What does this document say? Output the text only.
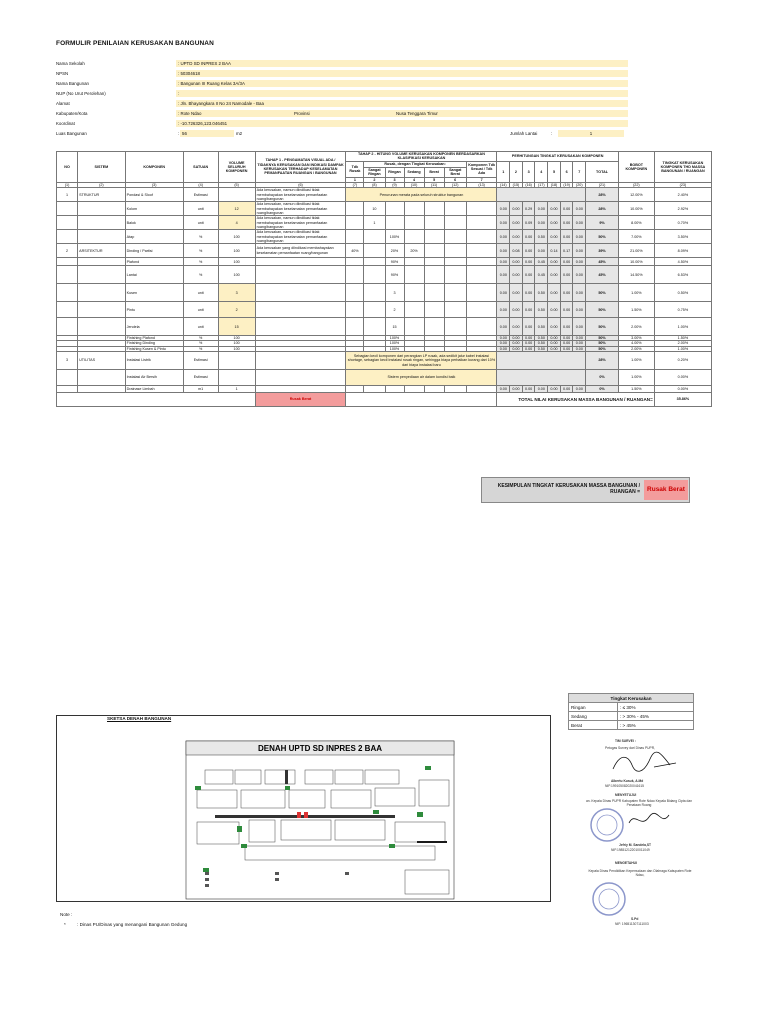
FORMULIR PENILAIAN KERUSAKAN BANGUNAN
Nama Sekolah	: UPTD SD INPRES 2 BAA
NPSN	: 50304618
Nama Bangunan	: Bangunan III Ruang Kelas 3A/3A
NUP (No Urut Perolehan)	:
Alamat	: Jln. Bhayangkara II No 24 Namodale - Baa
Kabupaten/Kota	: Rote Ndao	Provinsi	Nusa Tenggara Timur
Koordinat	: -10.726326,123.046451
Luas Bangunan	: 56	m2	Jumlah Lantai	:	1
NO	SISTEM	KOMPONEN	SATUAN	VOLUME SELURUH KOMPONEN	TAHAP 1 - PENGAMATAN VISUAL ADA / TIDAKNYA KERUSAKAN DAN INDIKASI DAMPAK KERUSAKAN TERHADAP KESELAMATAN PEMANFAATAN RUANGAN / BANGUNAN	TAHAP 2 - HITUNG VOLUME KERUSAKAN KOMPONEN BERDASARKAN KLASIFIKASI KERUSAKAN							PERHITUNGAN TINGKAT KERUSAKAN KOMPONEN								BOBOT KOMPONEN	TINGKAT KERUSAKAN KOMPONEN THD MASSA BANGUNAN / RUANGAN
						Tdk Rusak	Rusak, dengan Tingkat Kerusakan:					Komponen Tdk Sesuai / Tdk Ada	1	2	3	4	5	6	7	TOTAL		
							Sangat Ringan	Ringan	Sedang	Berat	Sangat Berat											
						1	2	3	4	5	6	7										
(1)	(2)	(3)	(4)	(5)	(6)	(7)	(8)	(9)	(10)	(11)	(12)	(13)	(14)	(15)	(16)	(17)	(18)	(19)	(20)	(21)	(22)	(23)
1	STRUKTUR	Pondasi & Sloof	Estimasi		Ada kerusakan, namun diindikasi tidak membahayakan keselamatan pemanfaatan ruang/bangunan	Penurunan merata pada seluruh struktur bangunan														28%	12.00%	2.40%
		Kolom	unit	12	Ada kerusakan, namun diindikasi tidak membahayakan keselamatan pemanfaatan ruang/bangunan		10						0.00	0.00	0.29	0.00	0.00	0.00	0.00	28%	10.00%	2.92%
		Balok	unit	4	Ada kerusakan, namun diindikasi tidak membahayakan keselamatan pemanfaatan ruang/bangunan		1						0.00	0.00	0.09	0.00	0.00	0.00	0.00	9%	8.00%	0.70%
		Atap	%	100	Ada kerusakan, namun diindikasi tidak membahayakan keselamatan pemanfaatan ruang/bangunan			100%					0.00	0.00	0.00	0.50	0.00	0.00	0.00	50%	7.00%	3.50%
2	ARSITEKTUR	Dinding / Partisi	%	100	Ada kerusakan yang diindikasi membahayakan keselamatan pemanfaatan ruang/bangunan	40%		20%	20%				0.00	0.08	0.00	0.00	0.14	0.17	0.00	39%	21.00%	8.09%
		Plafond	%	100				90%					0.00	0.00	0.00	0.45	0.00	0.00	0.00	45%	10.00%	4.50%
		Lantai	%	100				90%					0.00	0.00	0.00	0.45	0.00	0.00	0.00	45%	14.50%	6.53%
		Kusen	unit	3				3					0.00	0.00	0.00	0.50	0.00	0.00	0.00	50%	1.00%	0.50%
		Pintu	unit	2				2					0.00	0.00	0.00	0.50	0.00	0.00	0.00	50%	1.50%	0.75%
		Jendela	unit	15				15					0.00	0.00	0.00	0.50	0.00	0.00	0.00	50%	2.00%	1.00%
		Finishing Plafond	%	100				100%					0.00	0.00	0.00	0.50	0.00	0.00	0.00	50%	3.00%	1.50%
		Finishing Dinding	%	100				100%					0.00	0.00	0.00	0.50	0.00	0.00	0.00	50%	4.00%	2.00%
		Finishing Kusen & Pintu	%	100				100%					0.00	0.00	0.00	0.50	0.00	0.00	0.00	50%	2.00%	1.00%
3	UTILITAS	Instalasi Listrik	Estimasi			Sebagian kecil komponen dari perangkan LP rusak, ada sedikit jalur kabel instalasi shortage, sebagian kecil instalasi rusak ringan, sehingga biaya perbaikan kurang dari 10% dari biaya instalasi baru														28%	1.00%	0.20%
		Instalasi Air Bersih	Estimasi			Sistem penyediaan air dalam kondisi baik														0%	1.00%	0.00%
		Drainase Limbah	m1	1									0.00	0.00	0.00	0.00	0.00	0.00	0.00	0%	1.50%	0.00%
					Rusak Berat								TOTAL NILAI KERUSAKAN MASSA BANGUNAN / RUANGAN=									35.86%
KESIMPULAN TINGKAT KERUSAKAN MASSA BANGUNAN / RUANGAN =	Rusak Berat
Tingkat Kerusakan	
Ringan	: ≤ 30%
Sedang	: > 30% - 45%
Berat	: > 45%
SKETSA DENAH BANGUNAN
DENAH UPTD SD INPRES 2 BAA
TIM SURVEI :
Petugas Survey dari Dinas PUPR,
Albertu Kusuk, A.Md
NIP.199105082020041615
MENYETUJUI
an. Kepala Dinas PUPR Kabupaten Rote Ndao Kepala Bidang Cipta dan Penataan Ruang
Jefriy M. Sandela,ST
NIP.198512122010011049
MENGETAHUI
Kepala Dinas Pendidikan Kepemudaan dan Olahraga Kabupaten Rote Ndao,
S.Pd
NIP. 196511307111003
Note :
* : Dinas PU/Dinas yang menangani Bangunan Gedung
